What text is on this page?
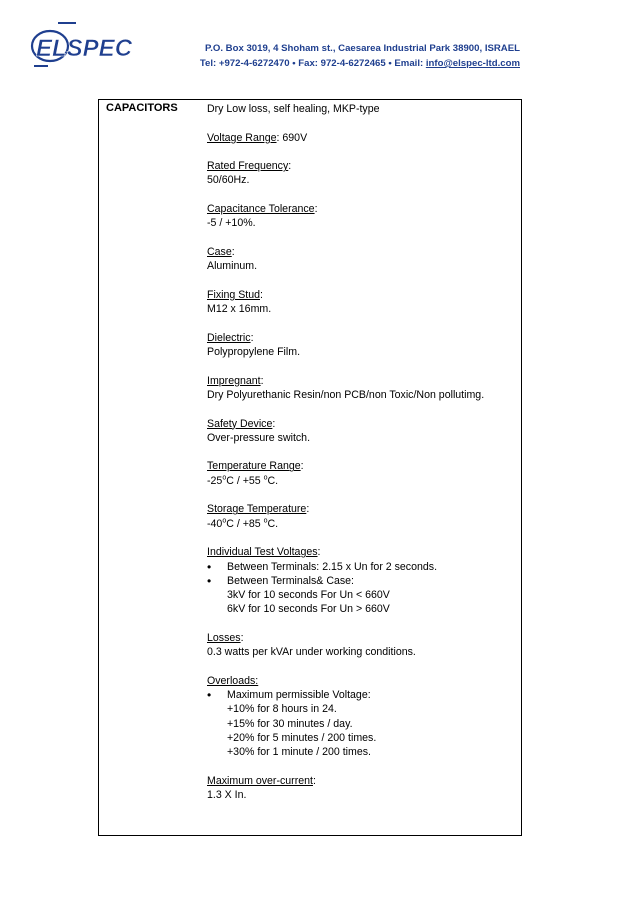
ELSPEC	P.O. Box 3019, 4 Shoham st., Caesarea Industrial Park 38900, ISRAEL
Tel: +972-4-6272470 • Fax: 972-4-6272465 • Email: info@elspec-ltd.com
CAPACITORS	Dry Low loss, self healing, MKP-type
Voltage Range: 690V
Rated Frequency:
50/60Hz.
Capacitance Tolerance:
-5 / +10%.
Case:
Aluminum.
Fixing Stud:
M12 x 16mm.
Dielectric:
Polypropylene Film.
Impregnant:
Dry Polyurethanic Resin/non PCB/non Toxic/Non pollutimg.
Safety Device:
Over-pressure switch.
Temperature Range:
-25$^o$C / +55 $^o$C.
Storage Temperature:
-40$^o$C / +85 $^o$C.
Individual Test Voltages:
• Between Terminals: 2.15 x Un for 2 seconds.
• Between Terminals& Case:
3kV for 10 seconds For Un < 660V
6kV for 10 seconds For Un > 660V
Losses:
0.3 watts per kVAr under working conditions.
Overloads:
• Maximum permissible Voltage:
+10% for 8 hours in 24.
+15% for 30 minutes / day.
+20% for 5 minutes / 200 times.
+30% for 1 minute / 200 times.
Maximum over-current:
1.3 X In.
